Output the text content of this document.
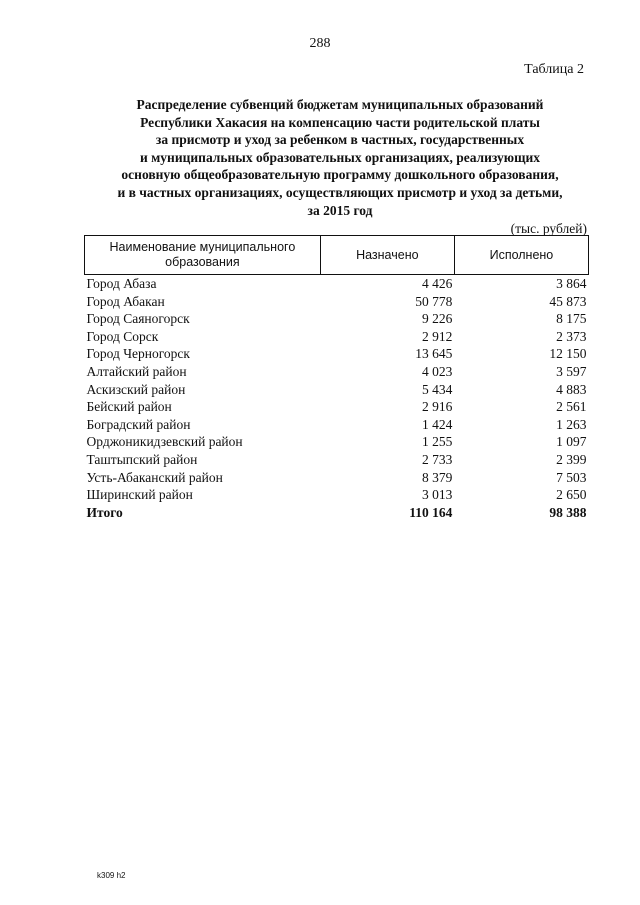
288
Таблица 2
Распределение субвенций бюджетам муниципальных образований
Республики Хакасия на компенсацию части родительской платы
за присмотр и уход за ребенком в частных, государственных
и муниципальных образовательных организациях, реализующих
основную общеобразовательную программу дошкольного образования,
и в частных организациях, осуществляющих присмотр и уход за детьми,
за 2015 год
(тыс. рублей)
Наименование муниципального образования	Назначено	Исполнено
Город Абаза	4 426	3 864
Город Абакан	50 778	45 873
Город Саяногорск	9 226	8 175
Город Сорск	2 912	2 373
Город Черногорск	13 645	12 150
Алтайский район	4 023	3 597
Аскизский район	5 434	4 883
Бейский район	2 916	2 561
Боградский район	1 424	1 263
Орджоникидзевский район	1 255	1 097
Таштыпский район	2 733	2 399
Усть-Абаканский район	8 379	7 503
Ширинский район	3 013	2 650
Итого	110 164	98 388
k309 h2
